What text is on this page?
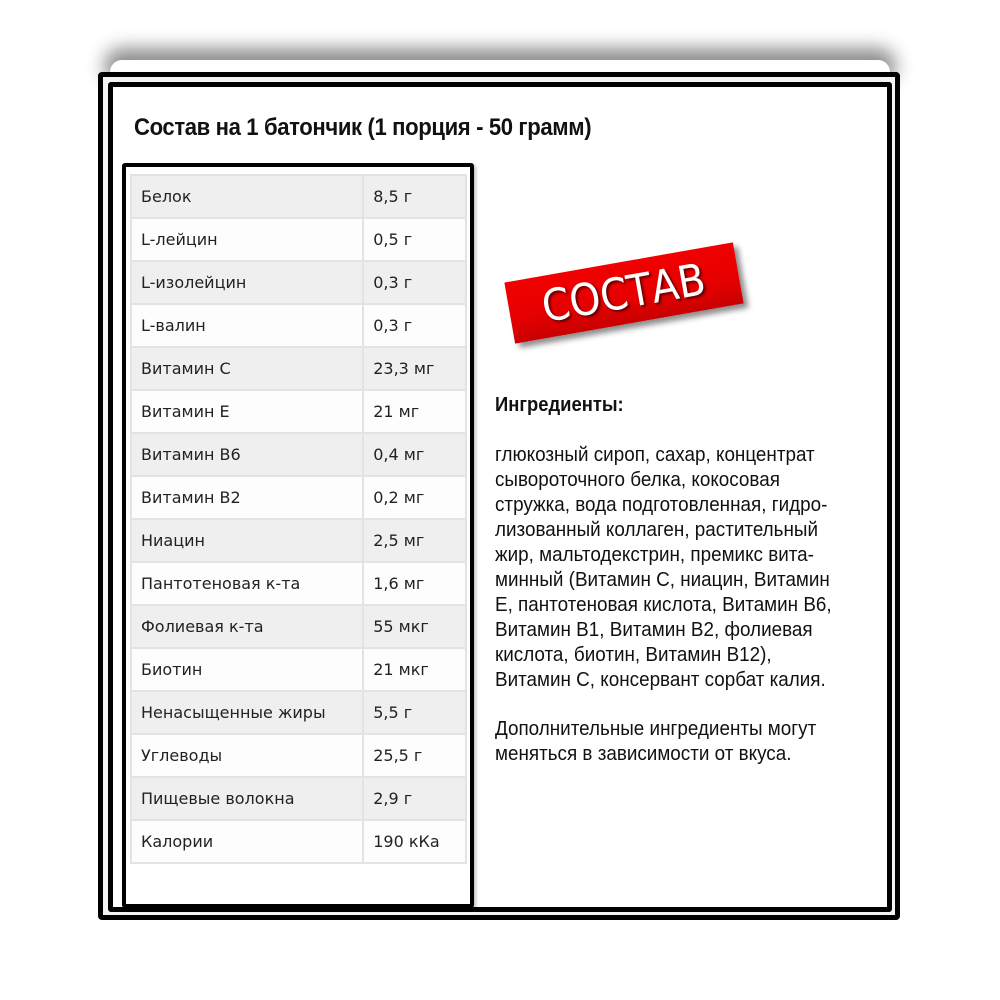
Состав на 1 батончик (1 порция - 50 грамм)
Белок	8,5 г
L-лейцин	0,5 г
L-изолейцин	0,3 г
L-валин	0,3 г
Витамин С	23,3 мг
Витамин Е	21 мг
Витамин В6	0,4 мг
Витамин В2	0,2 мг
Ниацин	2,5 мг
Пантотеновая к-та	1,6 мг
Фолиевая к-та	55 мкг
Биотин	21 мкг
Ненасыщенные жиры	5,5 г
Углеводы	25,5 г
Пищевые волокна	2,9 г
Калории	190 кКа
СОСТАВ
Ингредиенты:
глюкозный сироп, сахар, концентрат
сывороточного белка, кокосовая
стружка, вода подготовленная, гидро-
лизованный коллаген, растительный
жир, мальтодекстрин, премикс вита-
минный (Витамин С, ниацин, Витамин
Е, пантотеновая кислота, Витамин В6,
Витамин В1, Витамин В2, фолиевая
кислота, биотин, Витамин В12),
Витамин С, консервант сорбат калия.
Дополнительные ингредиенты могут
меняться в зависимости от вкуса.
